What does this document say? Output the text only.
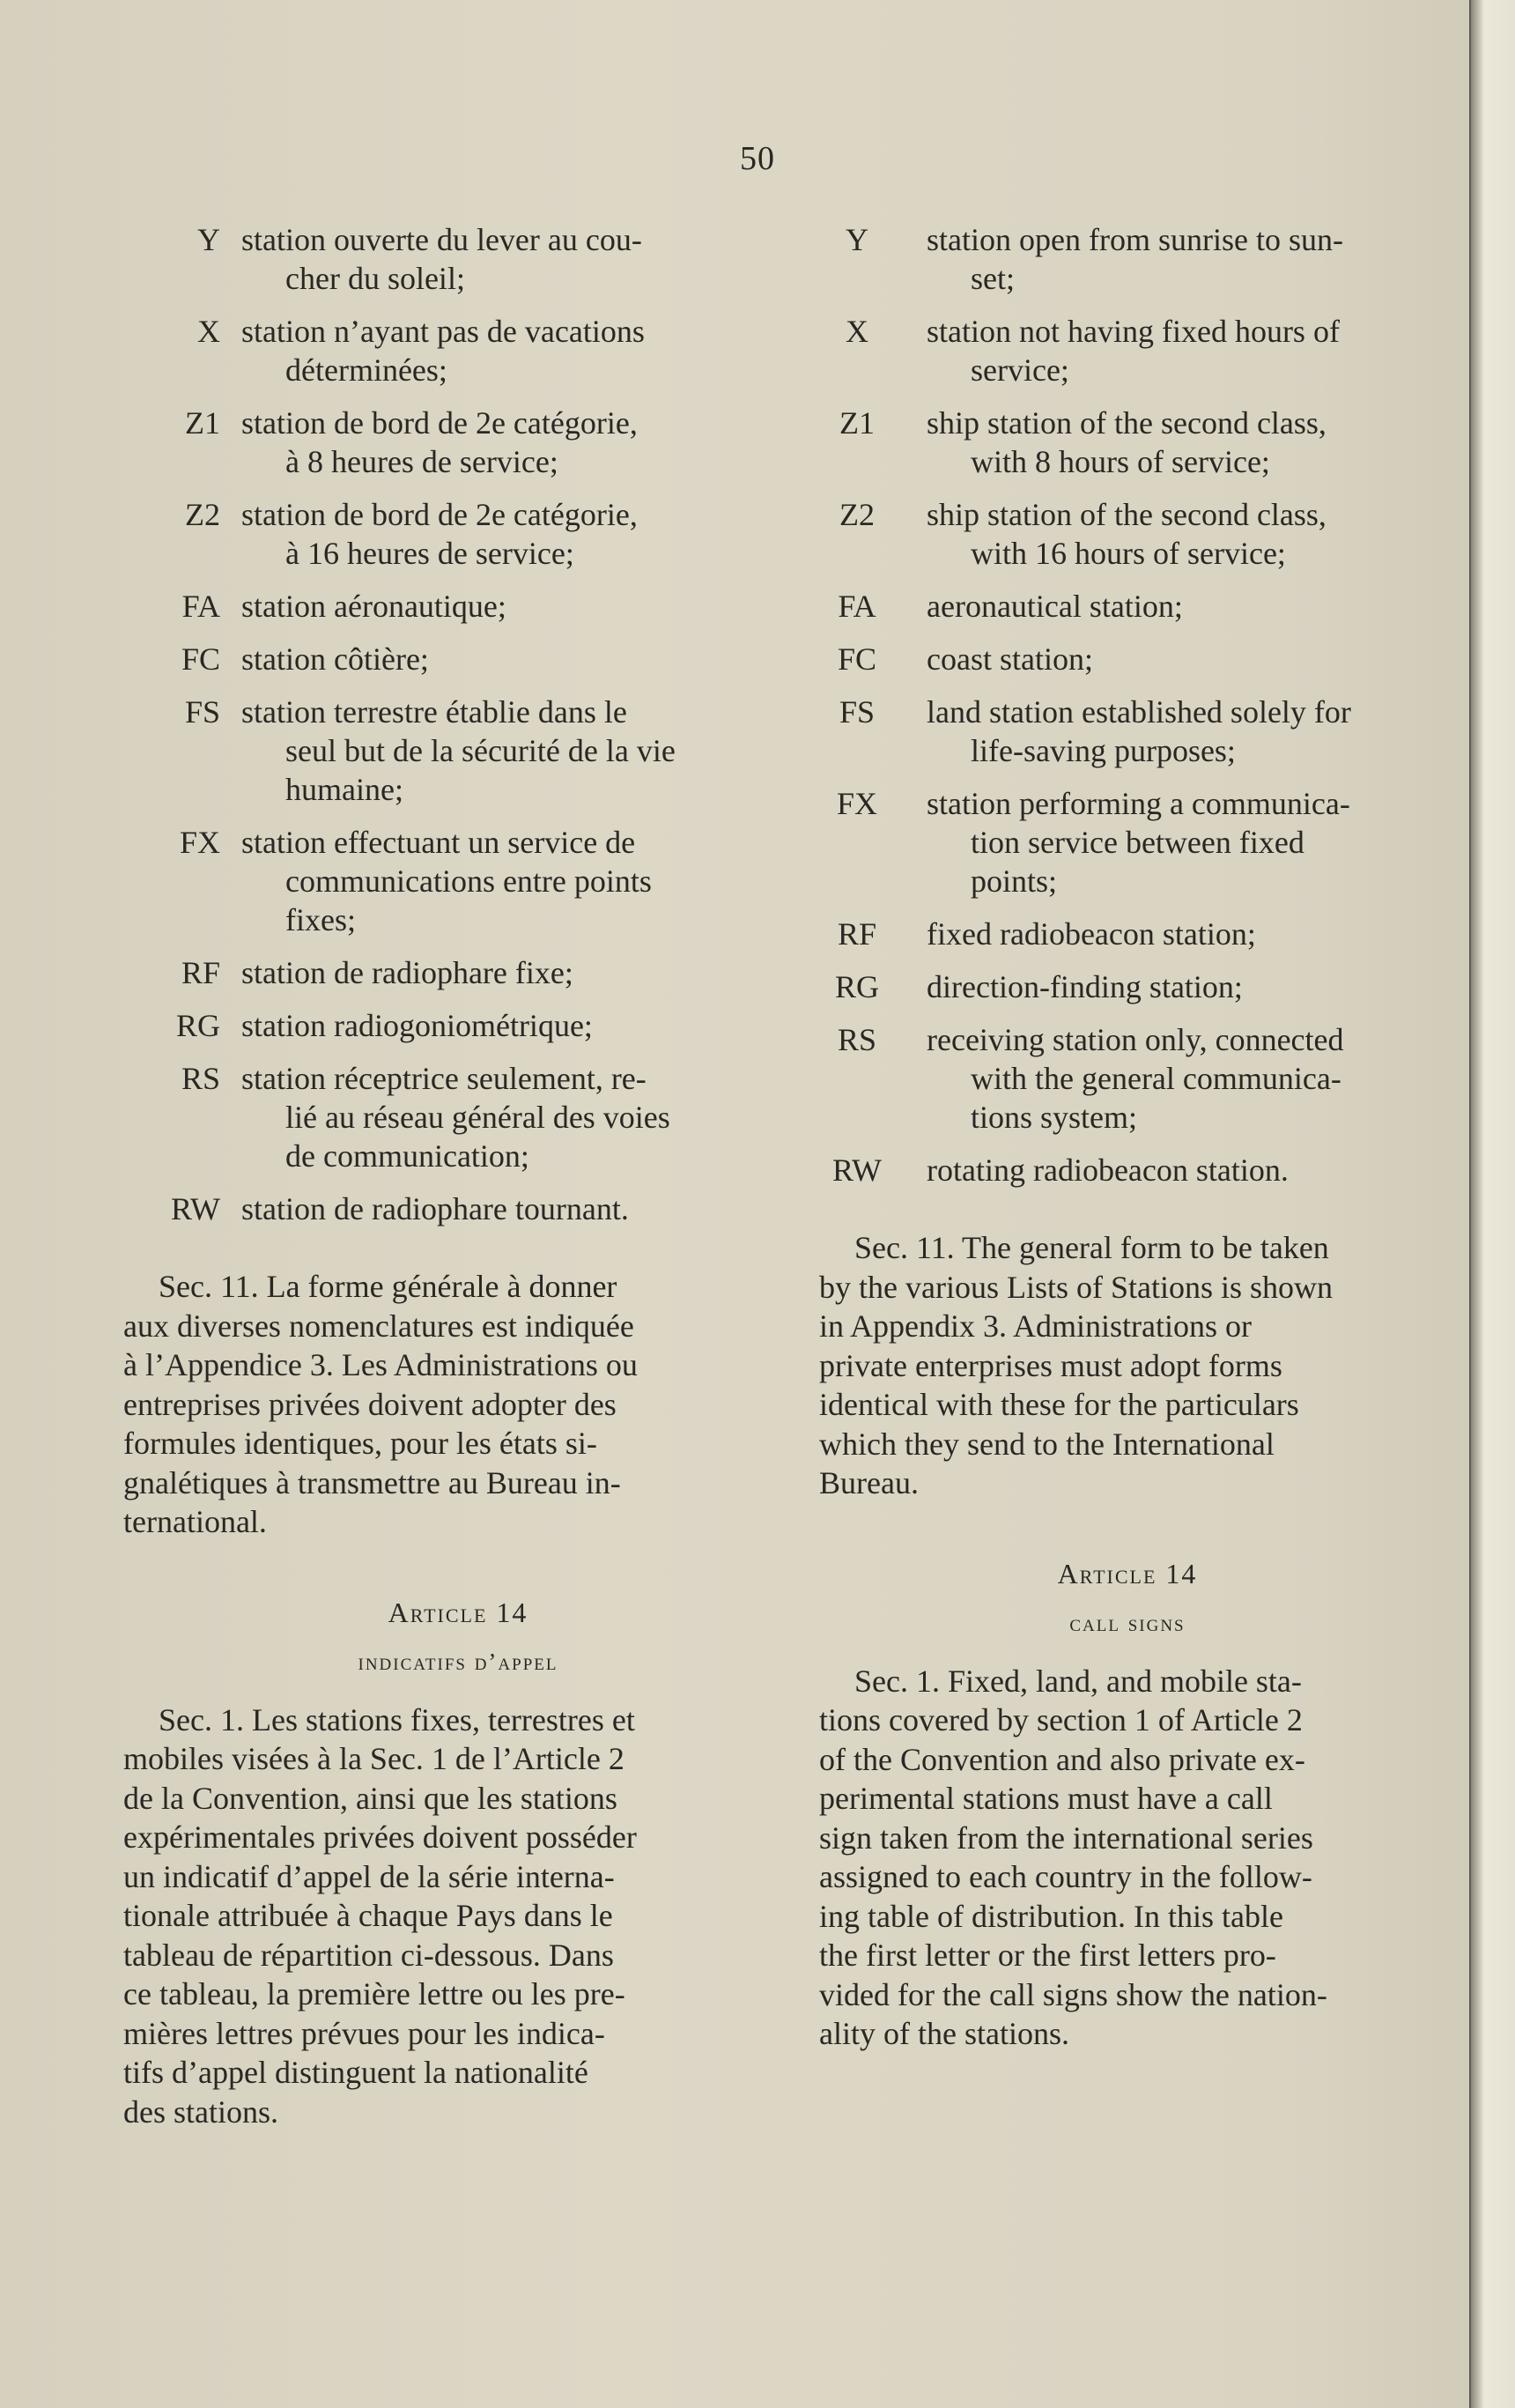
50
Y station ouverte du lever au cou-
cher du soleil;
X station n’ayant pas de vacations
déterminées;
Z1 station de bord de 2e catégorie,
à 8 heures de service;
Z2 station de bord de 2e catégorie,
à 16 heures de service;
FA station aéronautique;
FC station côtière;
FS station terrestre établie dans le
seul but de la sécurité de la vie
humaine;
FX station effectuant un service de
communications entre points
fixes;
RF station de radiophare fixe;
RG station radiogoniométrique;
RS station réceptrice seulement, re-
lié au réseau général des voies
de communication;
RW station de radiophare tournant.
Sec. 11. La forme générale à donner
aux diverses nomenclatures est indiquée
à l’Appendice 3. Les Administrations ou
entreprises privées doivent adopter des
formules identiques, pour les états si-
gnalétiques à transmettre au Bureau in-
ternational.
Article 14
indicatifs d’appel
Sec. 1. Les stations fixes, terrestres et
mobiles visées à la Sec. 1 de l’Article 2
de la Convention, ainsi que les stations
expérimentales privées doivent posséder
un indicatif d’appel de la série interna-
tionale attribuée à chaque Pays dans le
tableau de répartition ci-dessous. Dans
ce tableau, la première lettre ou les pre-
mières lettres prévues pour les indica-
tifs d’appel distinguent la nationalité
des stations.
Y	station open from sunrise to sun-
set;
X	station not having fixed hours of
service;
Z1	ship station of the second class,
with 8 hours of service;
Z2	ship station of the second class,
with 16 hours of service;
FA	aeronautical station;
FC	coast station;
FS	land station established solely for
life-saving purposes;
FX	station performing a communica-
tion service between fixed
points;
RF	fixed radiobeacon station;
RG	direction-finding station;
RS	receiving station only, connected
with the general communica-
tions system;
RW	rotating radiobeacon station.
Sec. 11. The general form to be taken
by the various Lists of Stations is shown
in Appendix 3. Administrations or
private enterprises must adopt forms
identical with these for the particulars
which they send to the International
Bureau.
Article 14
call signs
Sec. 1. Fixed, land, and mobile sta-
tions covered by section 1 of Article 2
of the Convention and also private ex-
perimental stations must have a call
sign taken from the international series
assigned to each country in the follow-
ing table of distribution. In this table
the first letter or the first letters pro-
vided for the call signs show the nation-
ality of the stations.
